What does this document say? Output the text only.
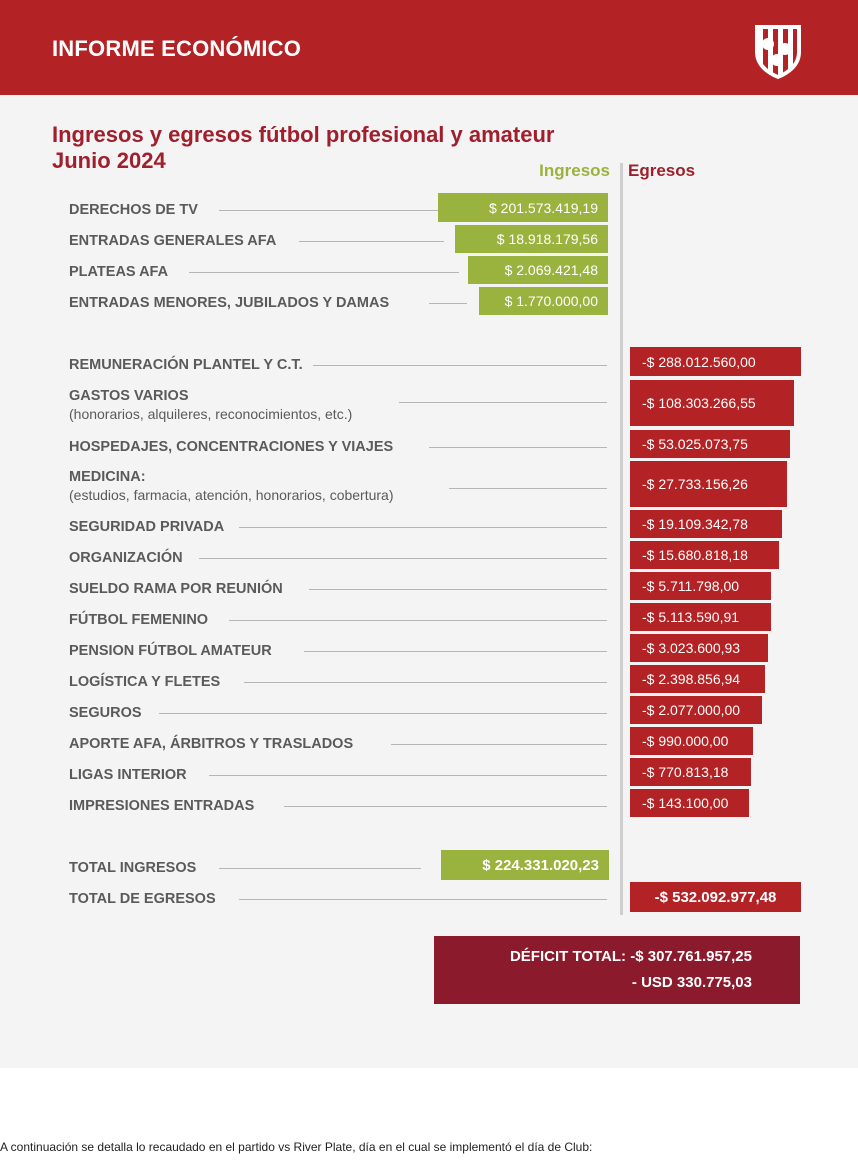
INFORME ECONÓMICO
Ingresos y egresos fútbol profesional y amateur
Junio 2024	Ingresos Egresos
DERECHOS DE TV	$ 201.573.419,19
ENTRADAS GENERALES AFA	$ 18.918.179,56
PLATEAS AFA	$ 2.069.421,48
ENTRADAS MENORES, JUBILADOS Y DAMAS	$ 1.770.000,00
REMUNERACIÓN PLANTEL Y C.T.	-$ 288.012.560,00
GASTOS VARIOS
(honorarios, alquileres, reconocimientos, etc.)
-$ 108.303.266,55
HOSPEDAJES, CONCENTRACIONES Y VIAJES	-$ 53.025.073,75
MEDICINA:
(estudios, farmacia, atención, honorarios, cobertura)
-$ 27.733.156,26
SEGURIDAD PRIVADA	-$ 19.109.342,78
ORGANIZACIÓN	-$ 15.680.818,18
SUELDO RAMA POR REUNIÓN	-$ 5.711.798,00
FÚTBOL FEMENINO	-$ 5.113.590,91
PENSION FÚTBOL AMATEUR	-$ 3.023.600,93
LOGÍSTICA Y FLETES	-$ 2.398.856,94
SEGUROS	-$ 2.077.000,00
APORTE AFA, ÁRBITROS Y TRASLADOS	-$ 990.000,00
LIGAS INTERIOR	-$ 770.813,18
IMPRESIONES ENTRADAS	-$ 143.100,00
TOTAL INGRESOS	$ 224.331.020,23
TOTAL DE EGRESOS	-$ 532.092.977,48
DÉFICIT TOTAL: -$ 307.761.957,25
- USD 330.775,03
A continuación se detalla lo recaudado en el partido vs River Plate, día en el cual se implementó el día de Club:
